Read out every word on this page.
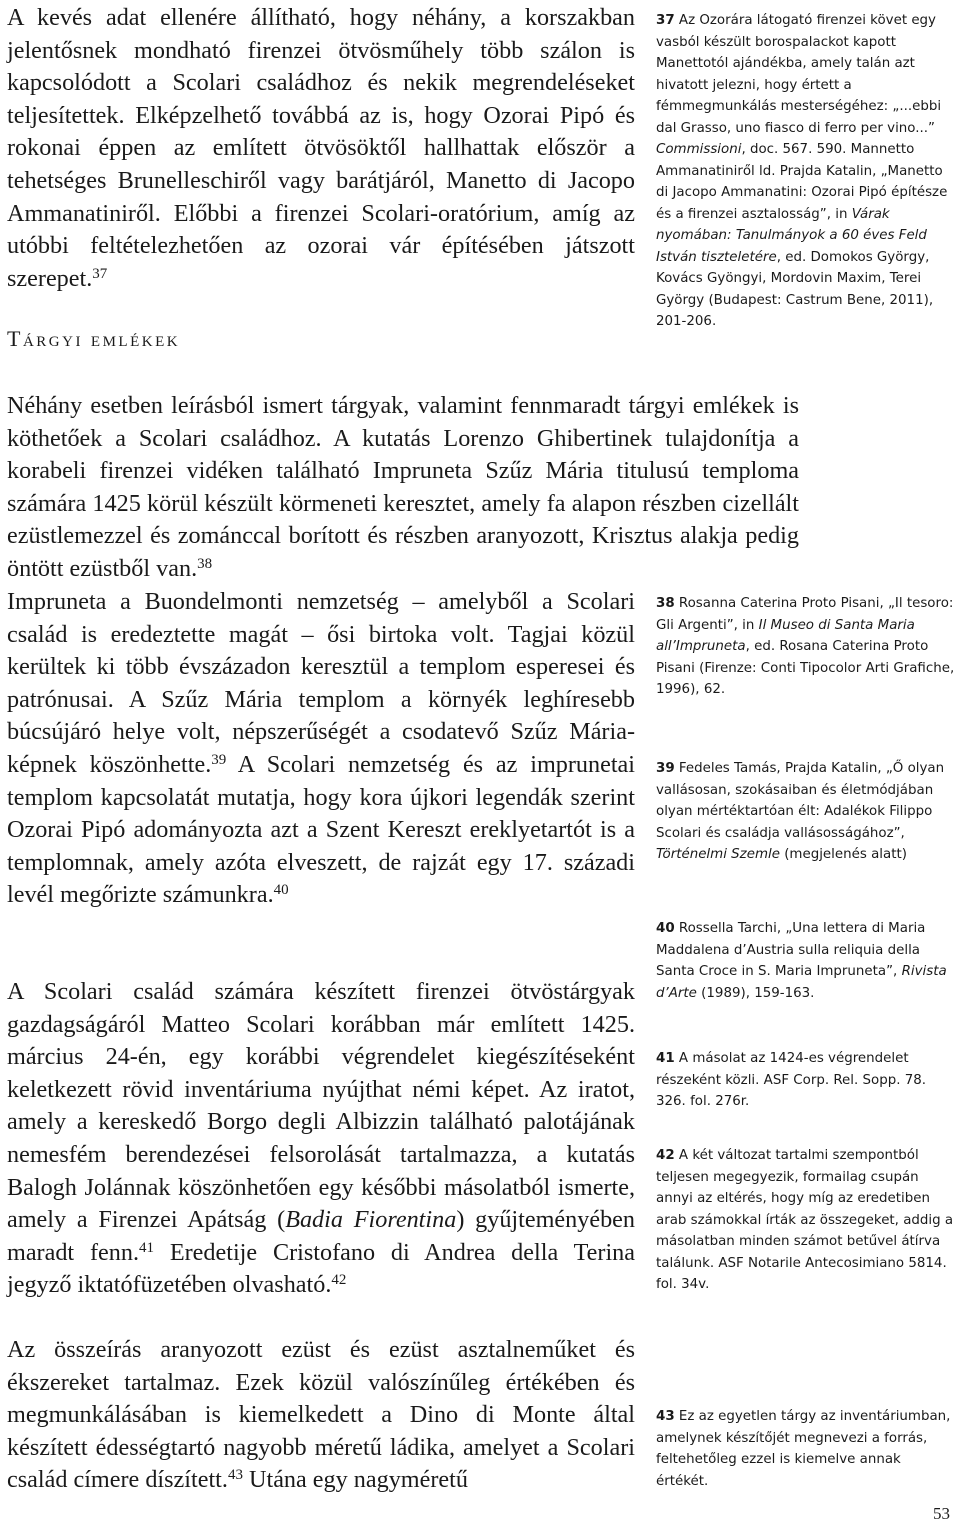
A kevés adat ellenére állítható, hogy néhány, a korszakban jelentősnek mondható firenzei ötvösműhely több szálon is kapcsolódott a Scolari családhoz és nekik megrendeléseket teljesítettek. Elképzelhető továbbá az is, hogy Ozorai Pipó és rokonai éppen az említett ötvösöktől hallhattak először a tehetséges Brunelleschiről vagy barátjáról, Manetto di Jacopo Ammanatiniről. Előbbi a firenzei Scolari-oratórium, amíg az utóbbi feltételezhetően az ozorai vár építésében játszott szerepet.$^{37}$

Tárgyi emlékek

Néhány esetben leírásból ismert tárgyak, valamint fennmaradt tárgyi emlékek is köthetőek a Scolari családhoz. A kutatás Lorenzo Ghibertinek tulajdonítja a korabeli firenzei vidéken található Impruneta Szűz Mária titulusú temploma számára 1425 körül készült körmeneti keresztet, amely fa alapon részben cizellált ezüstlemezzel és zománccal borított és részben aranyozott, Krisztus alakja pedig öntött ezüstből van.$^{38}$

Impruneta a Buondelmonti nemzetség – amelyből a Scolari család is eredeztette magát – ősi birtoka volt. Tagjai közül kerültek ki több évszázadon keresztül a templom esperesei és patrónusai. A Szűz Mária templom a környék leghíresebb búcsújáró helye volt, népszerűségét a csodatevő Szűz Mária-képnek köszönhette.$^{39}$ A Scolari nemzetség és az imprunetai templom kapcsolatát mutatja, hogy kora újkori legendák szerint Ozorai Pipó adományozta azt a Szent Kereszt ereklyetartót is a templomnak, amely azóta elveszett, de rajzát egy 17. századi levél megőrizte számunkra.$^{40}$

A Scolari család számára készített firenzei ötvöstárgyak gazdagságáról Matteo Scolari korábban már említett 1425. március 24-én, egy korábbi végrendelet kiegészítéseként keletkezett rövid inventáriuma nyújthat némi képet. Az iratot, amely a kereskedő Borgo degli Albizzin található palotájának nemesfém berendezései felsorolását tartalmazza, a kutatás Balogh Jolánnak köszönhetően egy későbbi másolatból ismerte, amely a Firenzei Apátság (Badia Fiorentina) gyűjteményében maradt fenn.$^{41}$ Eredetije Cristofano di Andrea della Terina jegyző iktatófüzetében olvasható.$^{42}$

Az összeírás aranyozott ezüst és ezüst asztalneműket és ékszereket tartalmaz. Ezek közül valószínűleg értékében és megmunkálásában is kiemelkedett a Dino di Monte által készített édességtartó nagyobb méretű ládika, amelyet a Scolari család címere díszített.$^{43}$ Utána egy nagyméretű

37 Az Ozorára látogató firenzei követ egy vasból készült borospalackot kapott Manettotól ajándékba, amely talán azt hivatott jelezni, hogy értett a fémmegmunkálás mesterségéhez: „...ebbi dal Grasso, uno fiasco di ferro per vino...” Commissioni, doc. 567. 590. Mannetto Ammanatiniről ld. Prajda Katalin, „Manetto di Jacopo Ammanatini: Ozorai Pipó építésze és a firenzei asztalosság”, in Várak nyomában: Tanulmányok a 60 éves Feld István tiszteletére, ed. Domokos György, Kovács Gyöngyi, Mordovin Maxim, Terei György (Budapest: Castrum Bene, 2011), 201-206.
38 Rosanna Caterina Proto Pisani, „Il tesoro: Gli Argenti”, in Il Museo di Santa Maria all’Impruneta, ed. Rosana Caterina Proto Pisani (Firenze: Conti Tipocolor Arti Grafiche, 1996), 62.
39 Fedeles Tamás, Prajda Katalin, „Ő olyan vallásosan, szokásaiban és életmódjában olyan mértéktartóan élt: Adalékok Filippo Scolari és családja vallásosságához”, Történelmi Szemle (megjelenés alatt)
40 Rossella Tarchi, „Una lettera di Maria Maddalena d’Austria sulla reliquia della Santa Croce in S. Maria Impruneta”, Rivista d’Arte (1989), 159-163.
41 A másolat az 1424-es végrendelet részeként közli. ASF Corp. Rel. Sopp. 78. 326. fol. 276r.
42 A két változat tartalmi szempontból teljesen megegyezik, formailag csupán annyi az eltérés, hogy míg az eredetiben arab számokkal írták az összegeket, addig a másolatban minden számot betűvel átírva találunk. ASF Notarile Antecosimiano 5814. fol. 34v.
43 Ez az egyetlen tárgy az inventáriumban, amelynek készítőjét megnevezi a forrás, feltehetőleg ezzel is kiemelve annak értékét.
53
